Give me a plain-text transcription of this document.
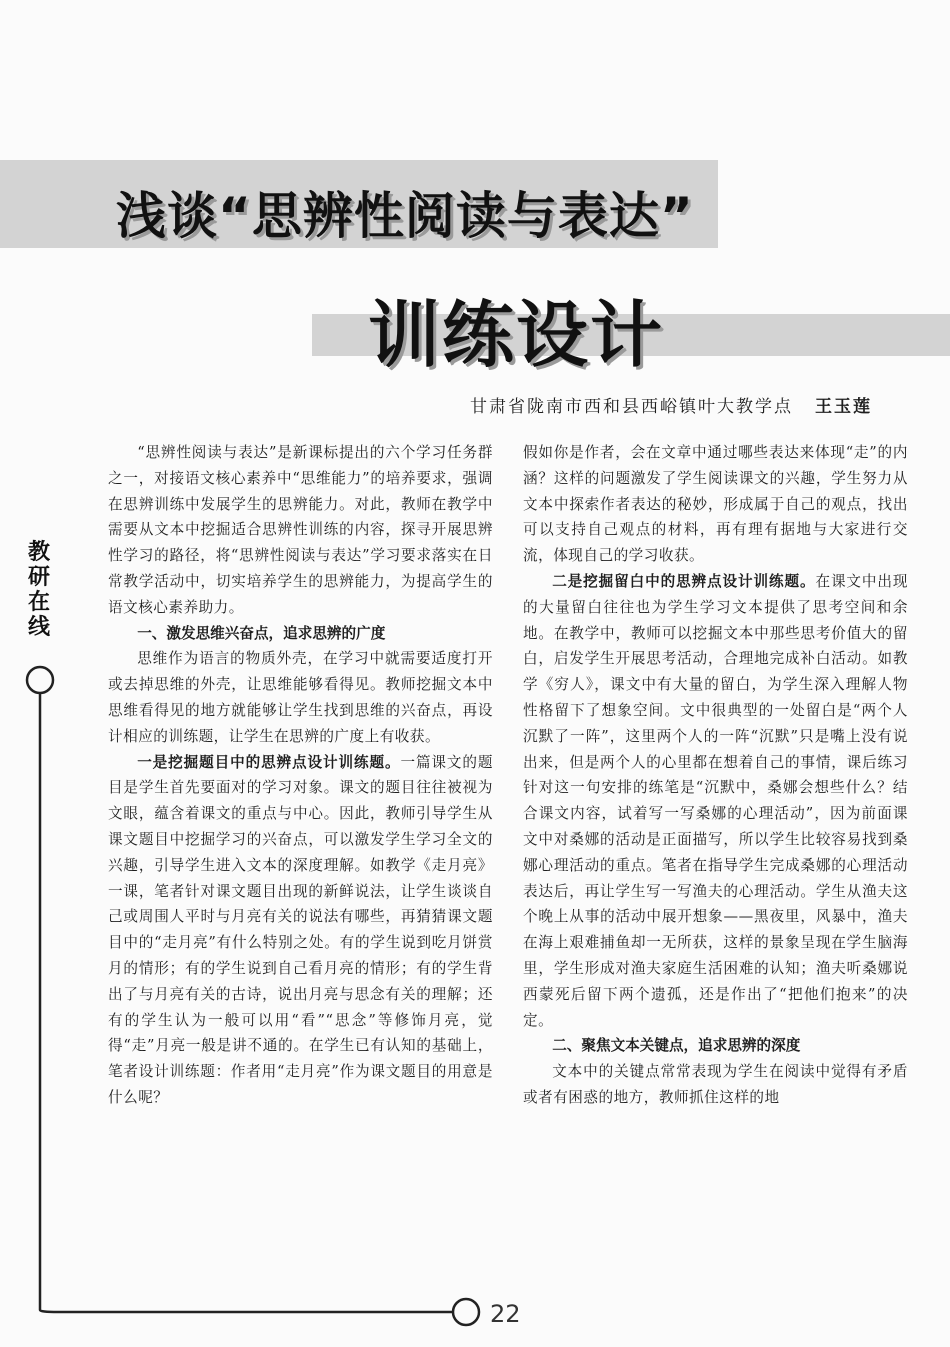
浅谈“思辨性阅读与表达”
训练设计
甘肃省陇南市西和县西峪镇叶大教学点 王玉莲
教研在线

“思辨性阅读与表达”是新课标提出的六个学习任务群之一，对接语文核心素养中“思维能力”的培养要求，强调在思辨训练中发展学生的思辨能力。对此，教师在教学中需要从文本中挖掘适合思辨性训练的内容，探寻开展思辨性学习的路径，将“思辨性阅读与表达”学习要求落实在日常教学活动中，切实培养学生的思辨能力，为提高学生的语文核心素养助力。

一、激发思维兴奋点，追求思辨的广度

思维作为语言的物质外壳，在学习中就需要适度打开或去掉思维的外壳，让思维能够看得见。教师挖掘文本中思维看得见的地方就能够让学生找到思维的兴奋点，再设计相应的训练题，让学生在思辨的广度上有收获。

一是挖掘题目中的思辨点设计训练题。一篇课文的题目是学生首先要面对的学习对象。课文的题目往往被视为文眼，蕴含着课文的重点与中心。因此，教师引导学生从课文题目中挖掘学习的兴奋点，可以激发学生学习全文的兴趣，引导学生进入文本的深度理解。如教学《走月亮》一课，笔者针对课文题目出现的新鲜说法，让学生谈谈自己或周围人平时与月亮有关的说法有哪些，再猜猜课文题目中的“走月亮”有什么特别之处。有的学生说到吃月饼赏月的情形；有的学生说到自己看月亮的情形；有的学生背出了与月亮有关的古诗，说出月亮与思念有关的理解；还有的学生认为一般可以用“看”“思念”等修饰月亮，觉得“走”月亮一般是讲不通的。在学生已有认知的基础上，笔者设计训练题：作者用“走月亮”作为课文题目的用意是什么呢？

假如你是作者，会在文章中通过哪些表达来体现“走”的内涵？这样的问题激发了学生阅读课文的兴趣，学生努力从文本中探索作者表达的秘妙，形成属于自己的观点，找出可以支持自己观点的材料，再有理有据地与大家进行交流，体现自己的学习收获。

二是挖掘留白中的思辨点设计训练题。在课文中出现的大量留白往往也为学生学习文本提供了思考空间和余地。在教学中，教师可以挖掘文本中那些思考价值大的留白，启发学生开展思考活动，合理地完成补白活动。如教学《穷人》，课文中有大量的留白，为学生深入理解人物性格留下了想象空间。文中很典型的一处留白是“两个人沉默了一阵”，这里两个人的一阵“沉默”只是嘴上没有说出来，但是两个人的心里都在想着自己的事情，课后练习针对这一句安排的练笔是“沉默中，桑娜会想些什么？结合课文内容，试着写一写桑娜的心理活动”，因为前面课文中对桑娜的活动是正面描写，所以学生比较容易找到桑娜心理活动的重点。笔者在指导学生完成桑娜的心理活动表达后，再让学生写一写渔夫的心理活动。学生从渔夫这个晚上从事的活动中展开想象——黑夜里，风暴中，渔夫在海上艰难捕鱼却一无所获，这样的景象呈现在学生脑海里，学生形成对渔夫家庭生活困难的认知；渔夫听桑娜说西蒙死后留下两个遗孤，还是作出了“把他们抱来”的决定。

二、聚焦文本关键点，追求思辨的深度

文本中的关键点常常表现为学生在阅读中觉得有矛盾或者有困惑的地方，教师抓住这样的地

22
